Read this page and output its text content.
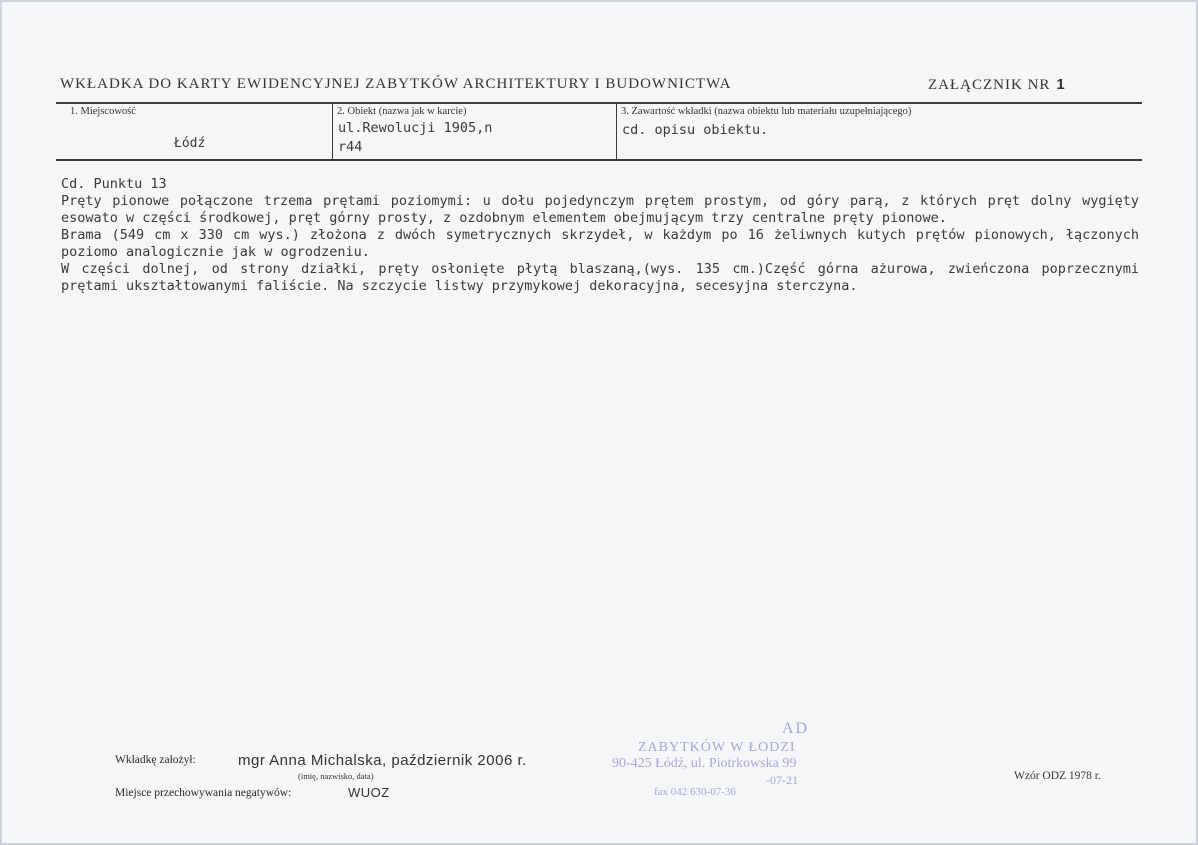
WKŁADKA DO KARTY EWIDENCYJNEJ ZABYTKÓW ARCHITEKTURY I BUDOWNICTWA	ZAŁĄCZNIK NR 1
1. Miejscowość
Łódź
2. Obiekt (nazwa jak w karcie)
ul.Rewolucji 1905,n
r44
3. Zawartość wkładki (nazwa obiektu lub materiału uzupełniającego)
cd. opisu obiektu.

Cd. Punktu 13

Pręty pionowe połączone trzema prętami poziomymi: u dołu pojedynczym prętem prostym, od góry parą, z których pręt dolny wygięty esowato w części środkowej, pręt górny prosty, z ozdobnym elementem obejmującym trzy centralne pręty pionowe.

Brama (549 cm x 330 cm wys.) złożona z dwóch symetrycznych skrzydeł, w każdym po 16 żeliwnych kutych prętów pionowych, łączonych poziomo analogicznie jak w ogrodzeniu.

W części dolnej, od strony działki, pręty osłonięte płytą blaszaną,(wys. 135 cm.)Część górna ażurowa, zwieńczona poprzecznymi prętami ukształtowanymi faliście. Na szczycie listwy przymykowej dekoracyjna, secesyjna sterczyna.

AD
ZABYTKÓW W ŁODZI
90-425 Łódź, ul. Piotrkowska 99
-07-21
fax 042 630-07-36
Wkładkę założył:	mgr Anna Michalska, październik 2006 r.
(imię, nazwisko, data)
Miejsce przechowywania negatywów:	WUOZ
Wzór ODZ 1978 r.
